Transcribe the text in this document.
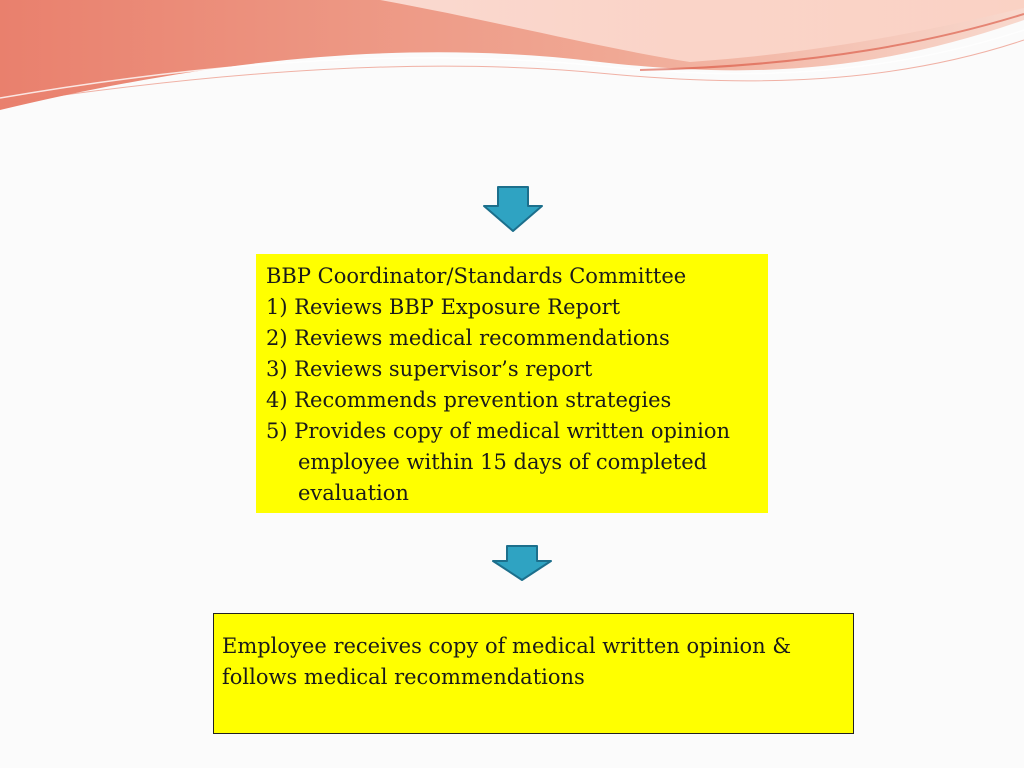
BBP Coordinator/Standards Committee
1) Reviews BBP Exposure Report
2) Reviews medical recommendations
3) Reviews supervisor’s report
4) Recommends prevention strategies
5) Provides copy of medical written opinion
employee within 15 days of completed
evaluation
Employee receives copy of medical written opinion &
follows medical recommendations
